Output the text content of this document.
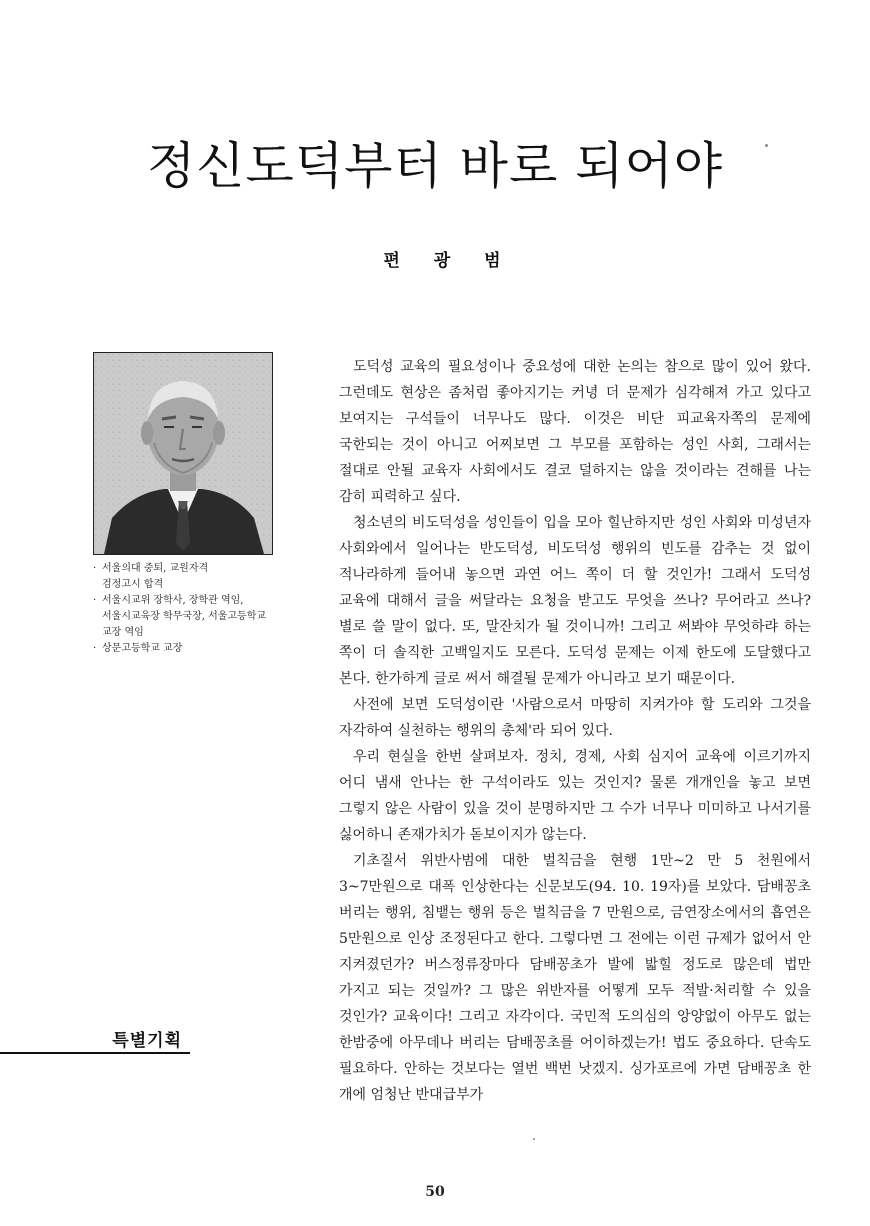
정신도덕부터 바로 되어야
편 광 범
· 서울의대 중퇴, 교원자격
검정고시 합격
· 서울시교위 장학사, 장학관 역임,
서울시교육장 학무국장, 서울고등학교
교장 역임
· 상문고등학교 교장
특별기획

도덕성 교육의 필요성이나 중요성에 대한 논의는 참으로 많이 있어 왔다. 그런데도 현상은 좀처럼 좋아지기는 커녕 더 문제가 심각해져 가고 있다고 보여지는 구석들이 너무나도 많다. 이것은 비단 피교육자쪽의 문제에 국한되는 것이 아니고 어찌보면 그 부모를 포함하는 성인 사회, 그래서는 절대로 안될 교육자 사회에서도 결코 덜하지는 않을 것이라는 견해를 나는 감히 피력하고 싶다.

청소년의 비도덕성을 성인들이 입을 모아 힐난하지만 성인 사회와 미성년자 사회와에서 일어나는 반도덕성, 비도덕성 행위의 빈도를 감추는 것 없이 적나라하게 들어내 놓으면 과연 어느 쪽이 더 할 것인가! 그래서 도덕성 교육에 대해서 글을 써달라는 요청을 받고도 무엇을 쓰나? 무어라고 쓰나? 별로 쓸 말이 없다. 또, 말잔치가 될 것이니까! 그리고 써봐야 무엇하랴 하는 쪽이 더 솔직한 고백일지도 모른다. 도덕성 문제는 이제 한도에 도달했다고 본다. 한가하게 글로 써서 해결될 문제가 아니라고 보기 때문이다.

사전에 보면 도덕성이란 '사람으로서 마땅히 지켜가야 할 도리와 그것을 자각하여 실천하는 행위의 총체'라 되어 있다.

우리 현실을 한번 살펴보자. 정치, 경제, 사회 심지어 교육에 이르기까지 어디 냄새 안나는 한 구석이라도 있는 것인지? 물론 개개인을 놓고 보면 그렇지 않은 사람이 있을 것이 분명하지만 그 수가 너무나 미미하고 나서기를 싫어하니 존재가치가 돋보이지가 않는다.

기초질서 위반사범에 대한 벌칙금을 현행 1만~2 만 5 천원에서 3~7만원으로 대폭 인상한다는 신문보도(94. 10. 19자)를 보았다. 담배꽁초 버리는 행위, 침뱉는 행위 등은 벌칙금을 7 만원으로, 금연장소에서의 흡연은 5만원으로 인상 조정된다고 한다. 그렇다면 그 전에는 이런 규제가 없어서 안 지켜졌던가? 버스정류장마다 담배꽁초가 발에 밟힐 정도로 많은데 법만 가지고 되는 것일까? 그 많은 위반자를 어떻게 모두 적발·처리할 수 있을 것인가? 교육이다! 그리고 자각이다. 국민적 도의심의 앙양없이 아무도 없는 한밤중에 아무데나 버리는 담배꽁초를 어이하겠는가! 법도 중요하다. 단속도 필요하다. 안하는 것보다는 열번 백번 낫겠지. 싱가포르에 가면 담배꽁초 한 개에 엄청난 반대급부가

50
